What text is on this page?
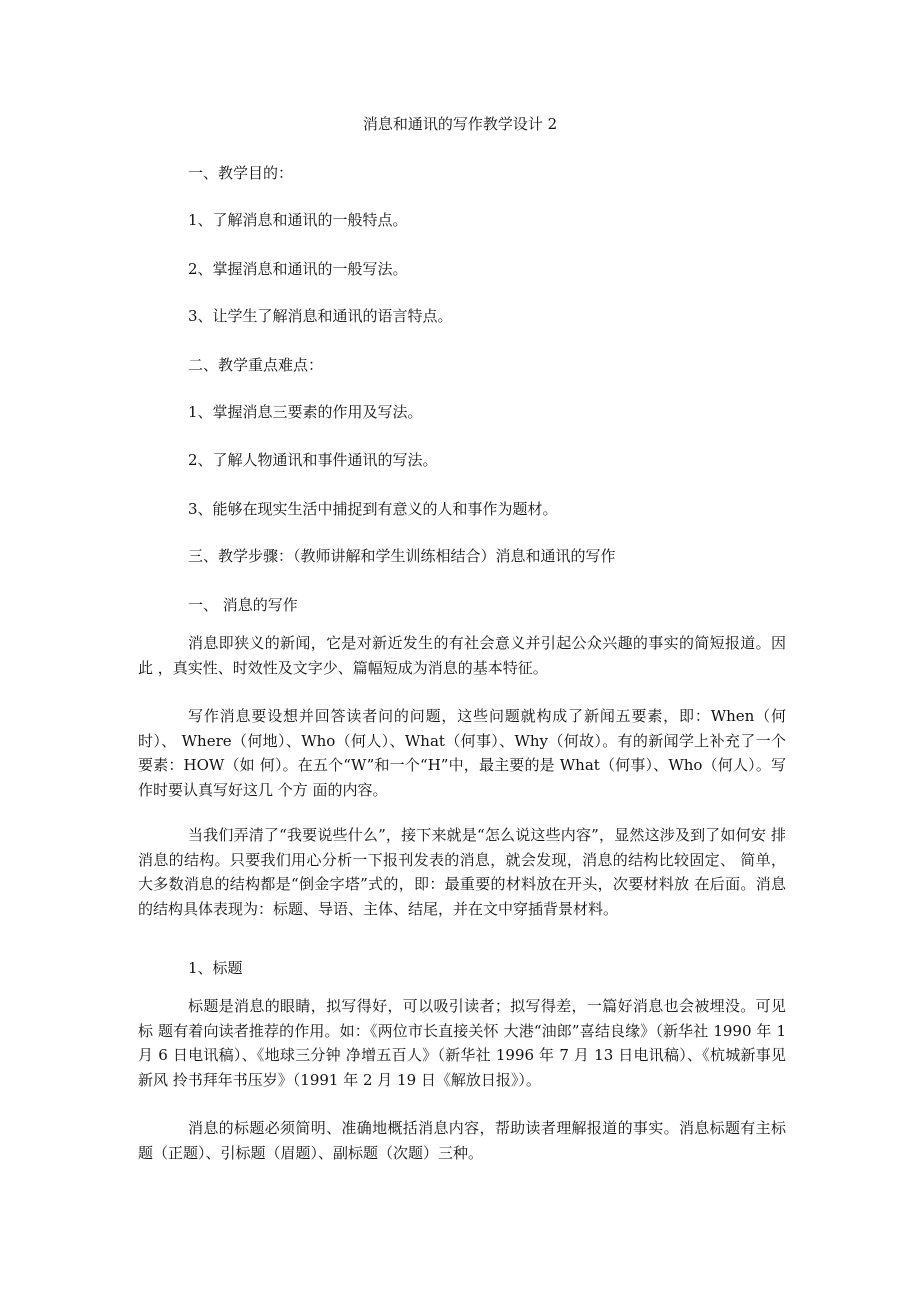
消息和通讯的写作教学设计 2
一、教学目的：
1、了解消息和通讯的一般特点。
2、掌握消息和通讯的一般写法。
3、让学生了解消息和通讯的语言特点。
二、教学重点难点：
1、掌握消息三要素的作用及写法。
2、了解人物通讯和事件通讯的写法。
3、能够在现实生活中捕捉到有意义的人和事作为题材。
三、教学步骤：（教师讲解和学生训练相结合）消息和通讯的写作
一、 消息的写作

消息即狭义的新闻，它是对新近发生的有社会意义并引起公众兴趣的事实的简短报道。因此 ，真实性、时效性及文字少、篇幅短成为消息的基本特征。

写作消息要设想并回答读者问的问题，这些问题就构成了新闻五要素，即：When（何时）、 Where（何地）、Who（何人）、What（何事）、Why（何故）。有的新闻学上补充了一个要素：HOW（如 何）。在五个“W”和一个“H”中，最主要的是 What（何事）、Who（何人）。写作时要认真写好这几 个方 面的内容。

当我们弄清了“我要说些什么”，接下来就是“怎么说这些内容”，显然这涉及到了如何安 排消息的结构。只要我们用心分析一下报刊发表的消息，就会发现，消息的结构比较固定、 简单，大多数消息的结构都是“倒金字塔”式的，即：最重要的材料放在开头，次要材料放 在后面。消息的结构具体表现为：标题、导语、主体、结尾，并在文中穿插背景材料。

1、标题

标题是消息的眼睛，拟写得好，可以吸引读者；拟写得差，一篇好消息也会被埋没。可见标 题有着向读者推荐的作用。如：《两位市长直接关怀 大港“油郎”喜结良缘》（新华社 1990 年 1 月 6 日电讯稿）、《地球三分钟 净增五百人》（新华社 1996 年 7 月 13 日电讯稿）、《杭城新事见新风 拎书拜年书压岁》（1991 年 2 月 19 日《解放日报》）。

消息的标题必须简明、准确地概括消息内容，帮助读者理解报道的事实。消息标题有主标题（正题）、引标题（眉题）、副标题（次题）三种。
